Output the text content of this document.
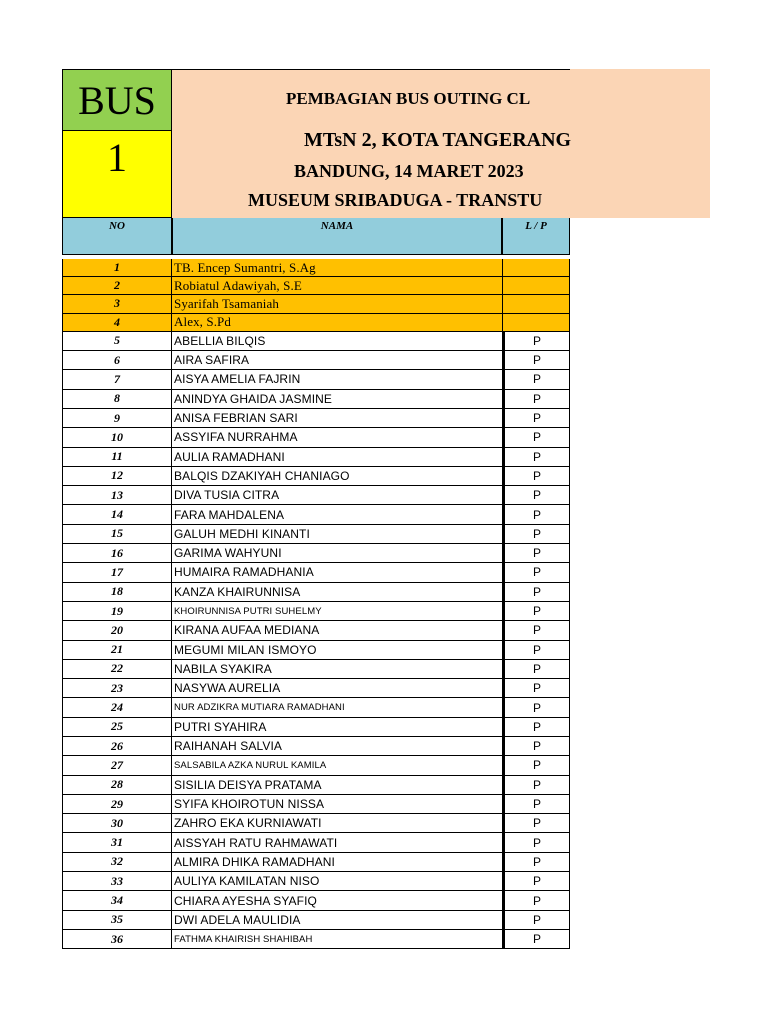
PEMBAGIAN BUS OUTING CL
MTsN 2, KOTA TANGERANG
BANDUNG, 14 MARET 2023
MUSEUM SRIBADUGA - TRANSTU
BUS
1
NO	NAMA	L / P
1	TB. Encep Sumantri, S.Ag
2	Robiatul Adawiyah, S.E
3	Syarifah Tsamaniah
4	Alex, S.Pd
5	ABELLIA BILQIS	P
6	AIRA SAFIRA	P
7	AISYA AMELIA FAJRIN	P
8	ANINDYA GHAIDA JASMINE	P
9	ANISA FEBRIAN SARI	P
10	ASSYIFA NURRAHMA	P
11	AULIA RAMADHANI	P
12	BALQIS DZAKIYAH CHANIAGO	P
13	DIVA TUSIA CITRA	P
14	FARA MAHDALENA	P
15	GALUH MEDHI KINANTI	P
16	GARIMA WAHYUNI	P
17	HUMAIRA RAMADHANIA	P
18	KANZA KHAIRUNNISA	P
19	KHOIRUNNISA PUTRI SUHELMY	P
20	KIRANA AUFAA MEDIANA	P
21	MEGUMI MILAN ISMOYO	P
22	NABILA SYAKIRA	P
23	NASYWA AURELIA	P
24	NUR ADZIKRA MUTIARA RAMADHANI	P
25	PUTRI SYAHIRA	P
26	RAIHANAH SALVIA	P
27	SALSABILA AZKA NURUL KAMILA	P
28	SISILIA DEISYA PRATAMA	P
29	SYIFA KHOIROTUN NISSA	P
30	ZAHRO EKA KURNIAWATI	P
31	AISSYAH RATU RAHMAWATI	P
32	ALMIRA DHIKA RAMADHANI	P
33	AULIYA KAMILATAN NISO	P
34	CHIARA AYESHA SYAFIQ	P
35	DWI ADELA MAULIDIA	P
36	FATHMA KHAIRISH SHAHIBAH	P
